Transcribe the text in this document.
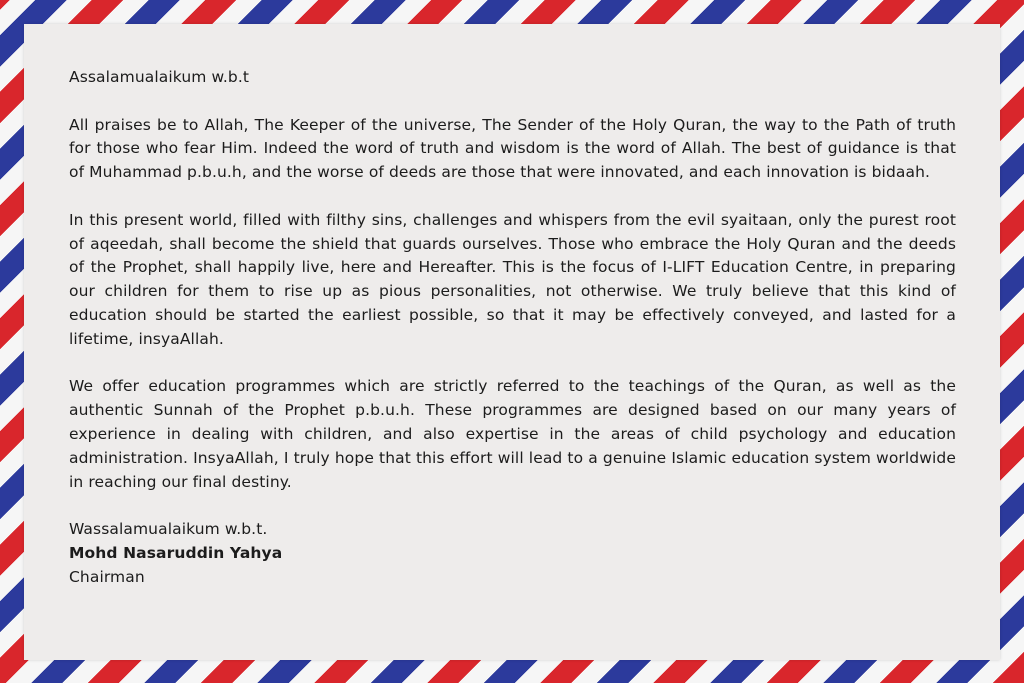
Assalamualaikum w.b.t

All praises be to Allah, The Keeper of the universe, The Sender of the Holy Quran, the way to the Path of truth for those who fear Him. Indeed the word of truth and wisdom is the word of Allah. The best of guidance is that of Muhammad p.b.u.h, and the worse of deeds are those that were innovated, and each innovation is bidaah.

In this present world, filled with filthy sins, challenges and whispers from the evil syaitaan, only the purest root of aqeedah, shall become the shield that guards ourselves. Those who embrace the Holy Quran and the deeds of the Prophet, shall happily live, here and Hereafter. This is the focus of I-LIFT Education Centre, in preparing our children for them to rise up as pious personalities, not otherwise. We truly believe that this kind of education should be started the earliest possible, so that it may be effectively conveyed, and lasted for a lifetime, insyaAllah.

We offer education programmes which are strictly referred to the teachings of the Quran, as well as the authentic Sunnah of the Prophet p.b.u.h. These programmes are designed based on our many years of experience in dealing with children, and also expertise in the areas of child psychology and education administration. InsyaAllah, I truly hope that this effort will lead to a genuine Islamic education system worldwide in reaching our final destiny.

Wassalamualaikum w.b.t.

Mohd Nasaruddin Yahya

Chairman
